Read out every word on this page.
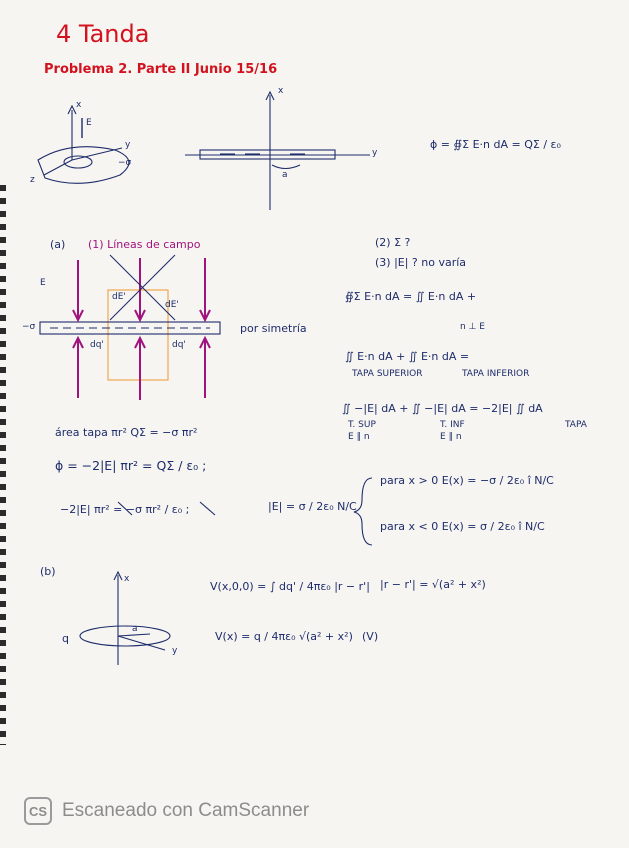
4 Tanda
Problema 2. Parte II Junio 15/16
ɸ = ∯Σ E·n dA = QΣ / ε₀
x
y
z
E
−σ
x
y
a
(a) (1) Líneas de campo	(2) Σ ?
(3) |E| ? no varía
E
dE'
dE'
dq'	dq'
−σ	por simetría
∯Σ E·n dA = ∬ E·n dA +
n ⊥ E
∬ E·n dA + ∬ E·n dA =
TAPA SUPERIOR	TAPA INFERIOR
∬ −|E| dA + ∬ −|E| dA = −2|E| ∬ dA
T. SUP	T. INF
E ∥ n	E ∥ n
TAPA
área tapa πr² QΣ = −σ πr²
ɸ = −2|E| πr² = QΣ / ε₀ ;
−2|E| πr² = −σ πr² / ε₀ ;	|E| = σ / 2ε₀ N/C
para x > 0 E(x) = −σ / 2ε₀ î N/C
para x < 0 E(x) = σ / 2ε₀ î N/C
(b)
x
y
q
a
V(x,0,0) = ∫ dq' / 4πε₀ |r − r'| |r − r'| = √(a² + x²)
V(x) = q / 4πε₀ √(a² + x²) (V)
CS Escaneado con CamScanner
